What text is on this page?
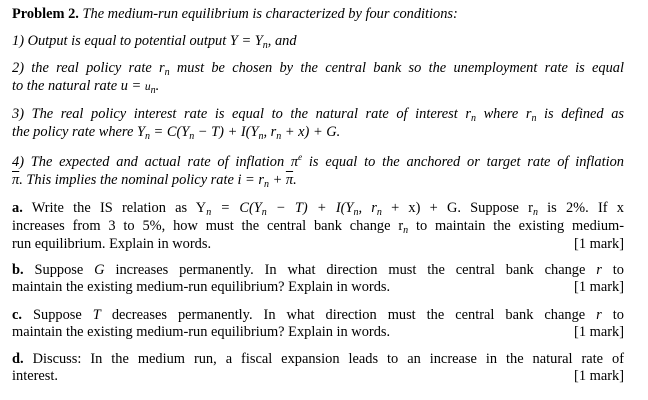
Problem 2. The medium-run equilibrium is characterized by four conditions:
1) Output is equal to potential output $Y = Y_n$, and
2) the real policy rate $r_n$ must be chosen by the central bank so the unemployment rate is equal
to the natural rate $u = u_n$.
3) The real policy interest rate is equal to the natural rate of interest $r_n$ where $r_n$ is defined as
the policy rate where $Y_n = C(Y_n - T) + I(Y_n$, $r_n + x) + G$.
4) The expected and actual rate of inflation $\pi^e$ is equal to the anchored or target rate of inflation
$\overline{\pi}$. This implies the nominal policy rate $i = r_n + \overline{\pi}$.
a. Write the IS relation as $Y_n = C(Y_n - T) + I(Y_n$, $r_n + x) + G$. Suppose $r_n$ is 2%. If x
increases from 3 to 5%, how must the central bank change $r_n$ to maintain the existing medium-
run equilibrium. Explain in words.	[1 mark]
b. Suppose G increases permanently. In what direction must the central bank change r to
maintain the existing medium-run equilibrium? Explain in words.	[1 mark]
c. Suppose T decreases permanently. In what direction must the central bank change r to
maintain the existing medium-run equilibrium? Explain in words.	[1 mark]
d. Discuss: In the medium run, a fiscal expansion leads to an increase in the natural rate of
interest.	[1 mark]
